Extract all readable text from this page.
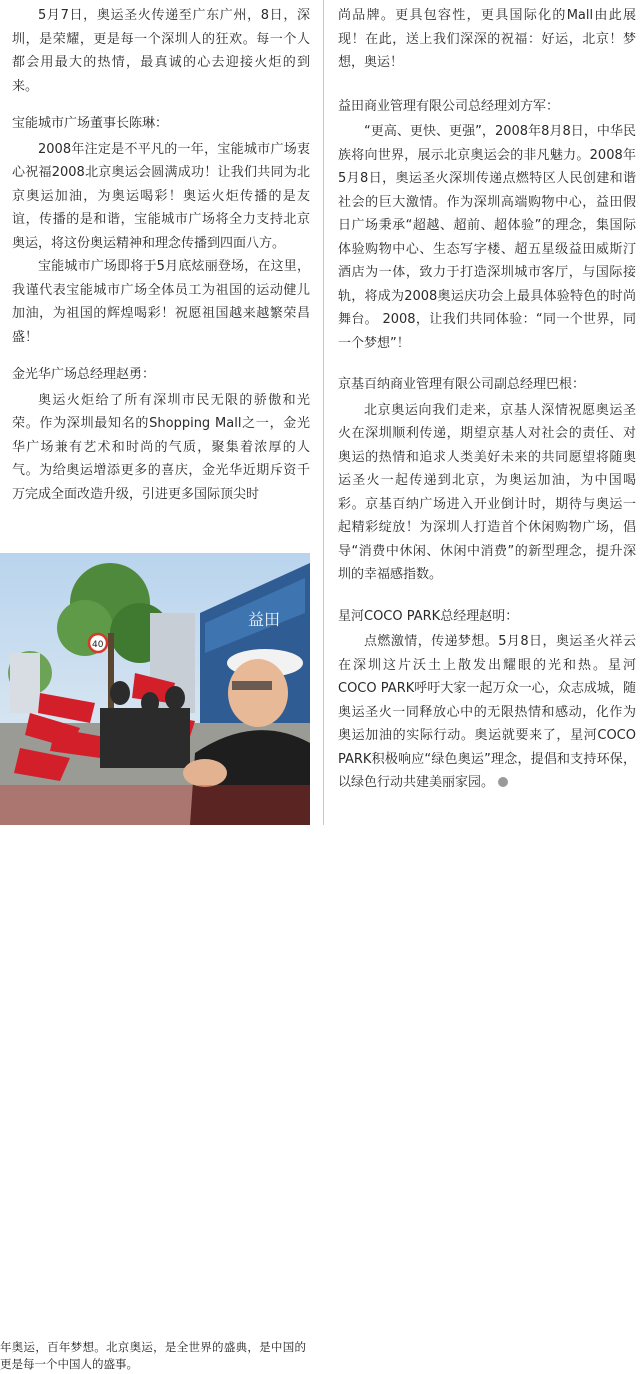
5月7日，奥运圣火传递至广东广州，8日，深圳，是荣耀，更是每一个深圳人的狂欢。每一个人都会用最大的热情，最真诚的心去迎接火炬的到来。

宝能城市广场董事长陈琳：

2008年注定是不平凡的一年，宝能城市广场衷心祝福2008北京奥运会圆满成功！让我们共同为北京奥运加油，为奥运喝彩！奥运火炬传播的是友谊，传播的是和谐，宝能城市广场将全力支持北京奥运，将这份奥运精神和理念传播到四面八方。

宝能城市广场即将于5月底炫丽登场，在这里，我谨代表宝能城市广场全体员工为祖国的运动健儿加油，为祖国的辉煌喝彩！祝愿祖国越来越繁荣昌盛！

金光华广场总经理赵勇：

奥运火炬给了所有深圳市民无限的骄傲和光荣。作为深圳最知名的Shopping Mall之一，金光华广场兼有艺术和时尚的气质，聚集着浓厚的人气。为给奥运增添更多的喜庆，金光华近期斥资千万完成全面改造升级，引进更多国际顶尖时

益田
40

年奥运，百年梦想。北京奥运，是全世界的盛典，是中国的更是每一个中国人的盛事。

尚品牌。更具包容性，更具国际化的Mall由此展现！在此，送上我们深深的祝福：好运，北京！梦想，奥运！

益田商业管理有限公司总经理刘方军：

“更高、更快、更强”，2008年8月8日，中华民族将向世界，展示北京奥运会的非凡魅力。2008年5月8日，奥运圣火深圳传递点燃特区人民创建和谐社会的巨大激情。作为深圳高端购物中心，益田假日广场秉承“超越、超前、超体验”的理念，集国际体验购物中心、生态写字楼、超五星级益田威斯汀酒店为一体，致力于打造深圳城市客厅，与国际接轨，将成为2008奥运庆功会上最具体验特色的时尚舞台。 2008，让我们共同体验：“同一个世界，同一个梦想”！

京基百纳商业管理有限公司副总经理巴根：

北京奥运向我们走来，京基人深情祝愿奥运圣火在深圳顺利传递，期望京基人对社会的责任、对奥运的热情和追求人类美好未来的共同愿望将随奥运圣火一起传递到北京，为奥运加油，为中国喝彩。京基百纳广场进入开业倒计时，期待与奥运一起精彩绽放！为深圳人打造首个休闲购物广场，倡导“消费中休闲、休闲中消费”的新型理念，提升深圳的幸福感指数。

星河COCO PARK总经理赵明：

点燃激情，传递梦想。5月8日，奥运圣火祥云在深圳这片沃土上散发出耀眼的光和热。星河COCO PARK呼吁大家一起万众一心，众志成城，随奥运圣火一同释放心中的无限热情和感动，化作为奥运加油的实际行动。奥运就要来了，星河COCO PARK积极响应“绿色奥运”理念，提倡和支持环保，以绿色行动共建美丽家园。
